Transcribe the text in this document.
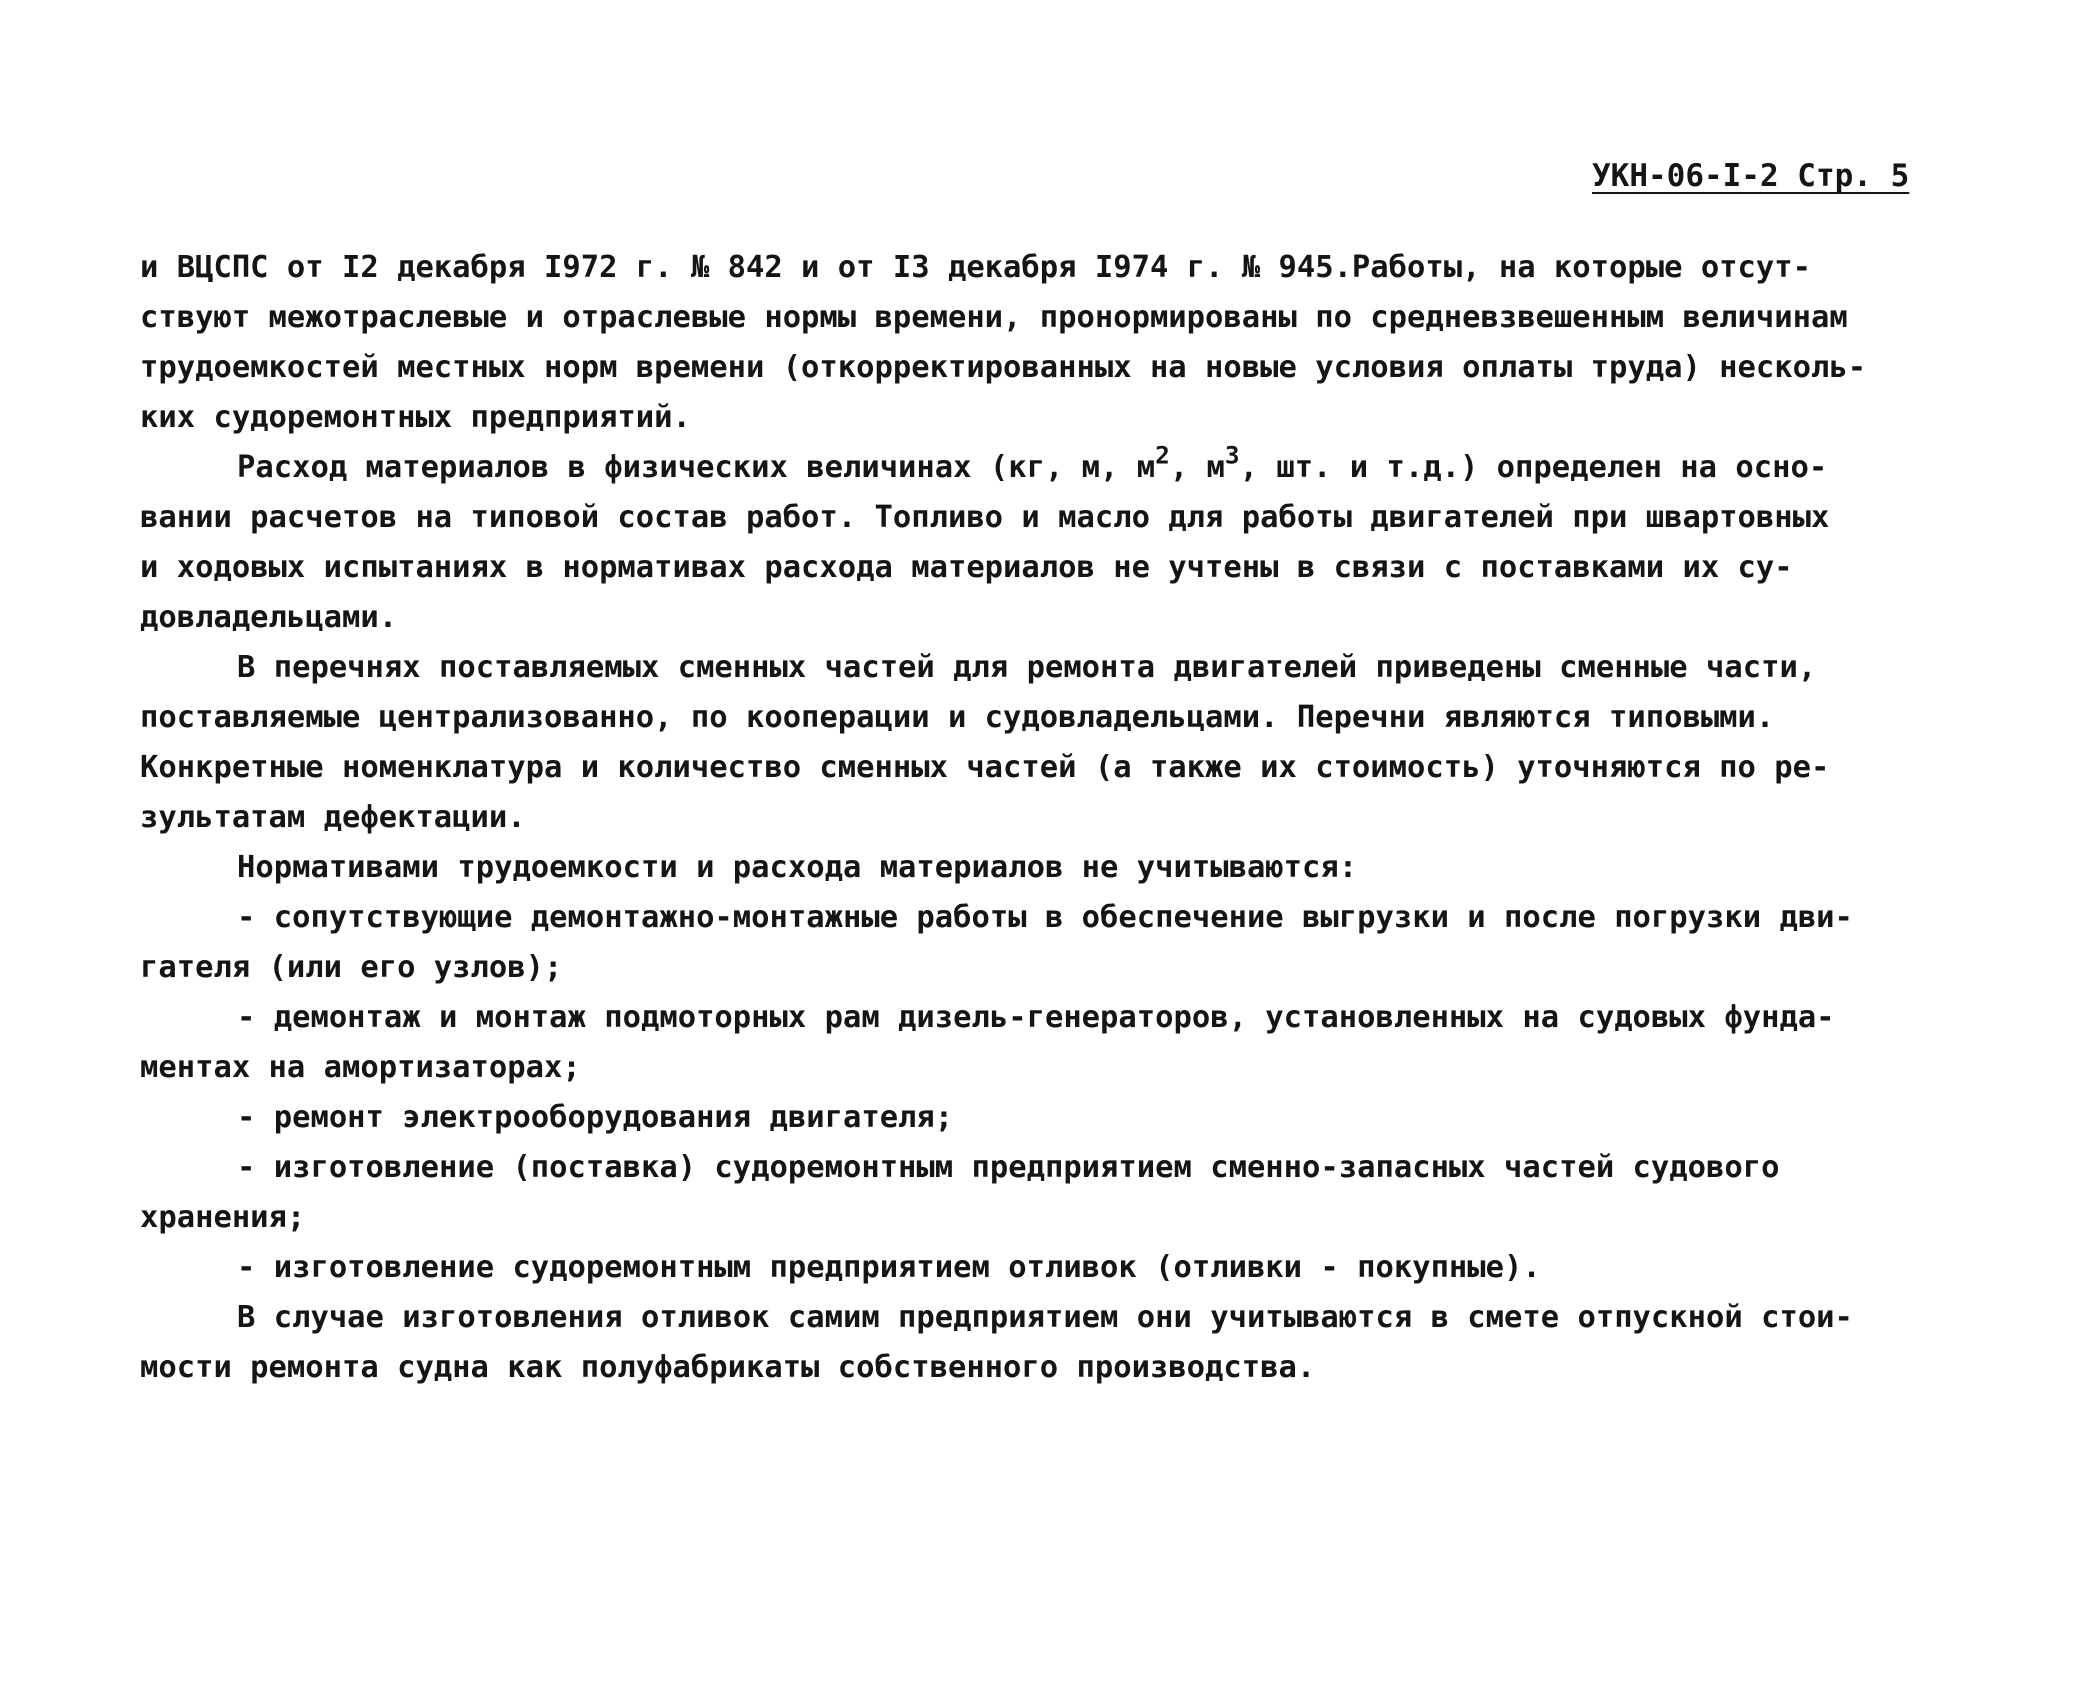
УКН-06-I-2 Стр. 5
и ВЦСПС от I2 декабря I972 г. № 842 и от I3 декабря I974 г. № 945.Работы, на которые отсут-
ствуют межотраслевые и отраслевые нормы времени, пронормированы по средневзвешенным величинам
трудоемкостей местных норм времени (откорректированных на новые условия оплаты труда) несколь-
ких судоремонтных предприятий.
Расход материалов в физических величинах (кг, м, $м^2$, $м^3$, шт. и т.д.) определен на осно-
вании расчетов на типовой состав работ. Топливо и масло для работы двигателей при швартовных
и ходовых испытаниях в нормативах расхода материалов не учтены в связи с поставками их су-
довладельцами.
В перечнях поставляемых сменных частей для ремонта двигателей приведены сменные части,
поставляемые централизованно, по кооперации и судовладельцами. Перечни являются типовыми.
Конкретные номенклатура и количество сменных частей (а также их стоимость) уточняются по ре-
зультатам дефектации.
Нормативами трудоемкости и расхода материалов не учитываются:
- сопутствующие демонтажно-монтажные работы в обеспечение выгрузки и после погрузки дви-
гателя (или его узлов);
- демонтаж и монтаж подмоторных рам дизель-генераторов, установленных на судовых фунда-
ментах на амортизаторах;
- ремонт электрооборудования двигателя;
- изготовление (поставка) судоремонтным предприятием сменно-запасных частей судового
хранения;
- изготовление судоремонтным предприятием отливок (отливки - покупные).
В случае изготовления отливок самим предприятием они учитываются в смете отпускной стои-
мости ремонта судна как полуфабрикаты собственного производства.
